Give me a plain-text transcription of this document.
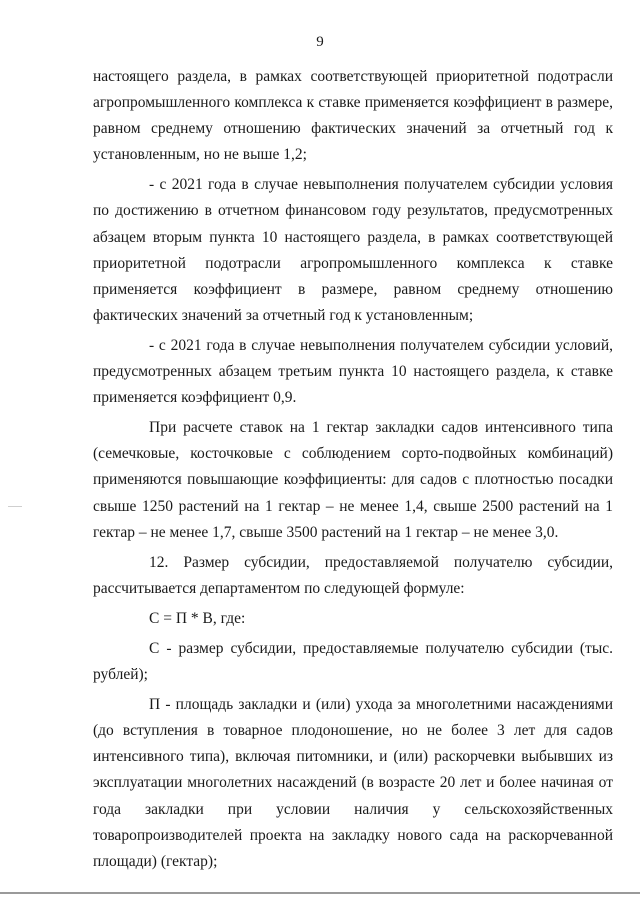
9

настоящего раздела, в рамках соответствующей приоритетной подотрасли агропромышленного комплекса к ставке применяется коэффициент в размере, равном среднему отношению фактических значений за отчетный год к установленным, но не выше 1,2;

- с 2021 года в случае невыполнения получателем субсидии условия по достижению в отчетном финансовом году результатов, предусмотренных абзацем вторым пункта 10 настоящего раздела, в рамках соответствующей приоритетной подотрасли агропромышленного комплекса к ставке применяется коэффициент в размере, равном среднему отношению фактических значений за отчетный год к установленным;

- с 2021 года в случае невыполнения получателем субсидии условий, предусмотренных абзацем третьим пункта 10 настоящего раздела, к ставке применяется коэффициент 0,9.

При расчете ставок на 1 гектар закладки садов интенсивного типа (семечковые, косточковые с соблюдением сорто-подвойных комбинаций) применяются повышающие коэффициенты: для садов с плотностью посадки свыше 1250 растений на 1 гектар – не менее 1,4, свыше 2500 растений на 1 гектар – не менее 1,7, свыше 3500 растений на 1 гектар – не менее 3,0.

12. Размер субсидии, предоставляемой получателю субсидии, рассчитывается департаментом по следующей формуле:

С = П * В, где:

С - размер субсидии, предоставляемые получателю субсидии (тыс. рублей);

П - площадь закладки и (или) ухода за многолетними насаждениями (до вступления в товарное плодоношение, но не более 3 лет для садов интенсивного типа), включая питомники, и (или) раскорчевки выбывших из эксплуатации многолетних насаждений (в возрасте 20 лет и более начиная от года закладки при условии наличия у сельскохозяйственных товаропроизводителей проекта на закладку нового сада на раскорчеванной площади) (гектар);
